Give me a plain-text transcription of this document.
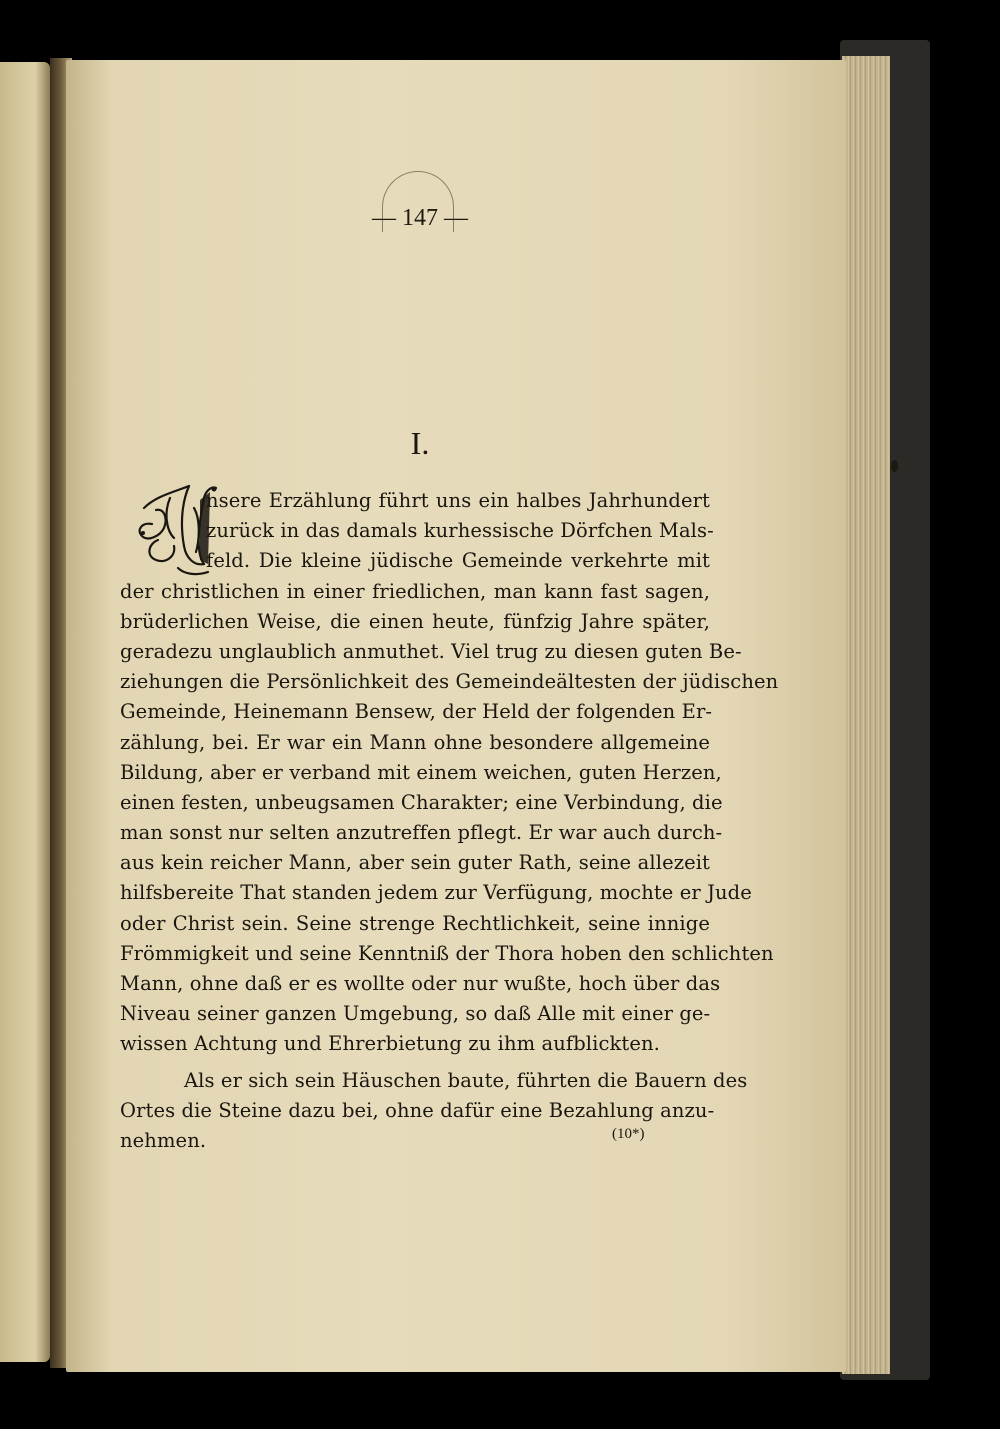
— 147 —
I.
nsere Erzählung führt uns ein halbes Jahrhundert
zurück in das damals kurhessische Dörfchen Mals-
feld. Die kleine jüdische Gemeinde verkehrte mit
der christlichen in einer friedlichen, man kann fast sagen,
brüderlichen Weise, die einen heute, fünfzig Jahre später,
geradezu unglaublich anmuthet. Viel trug zu diesen guten Be-
ziehungen die Persönlichkeit des Gemeindeältesten der jüdischen
Gemeinde, Heinemann Bensew, der Held der folgenden Er-
zählung, bei. Er war ein Mann ohne besondere allgemeine
Bildung, aber er verband mit einem weichen, guten Herzen,
einen festen, unbeugsamen Charakter; eine Verbindung, die
man sonst nur selten anzutreffen pflegt. Er war auch durch-
aus kein reicher Mann, aber sein guter Rath, seine allezeit
hilfsbereite That standen jedem zur Verfügung, mochte er Jude
oder Christ sein. Seine strenge Rechtlichkeit, seine innige
Frömmigkeit und seine Kenntniß der Thora hoben den schlichten
Mann, ohne daß er es wollte oder nur wußte, hoch über das
Niveau seiner ganzen Umgebung, so daß Alle mit einer ge-
wissen Achtung und Ehrerbietung zu ihm aufblickten.
Als er sich sein Häuschen baute, führten die Bauern des
Ortes die Steine dazu bei, ohne dafür eine Bezahlung anzu-
nehmen.	(10*)
